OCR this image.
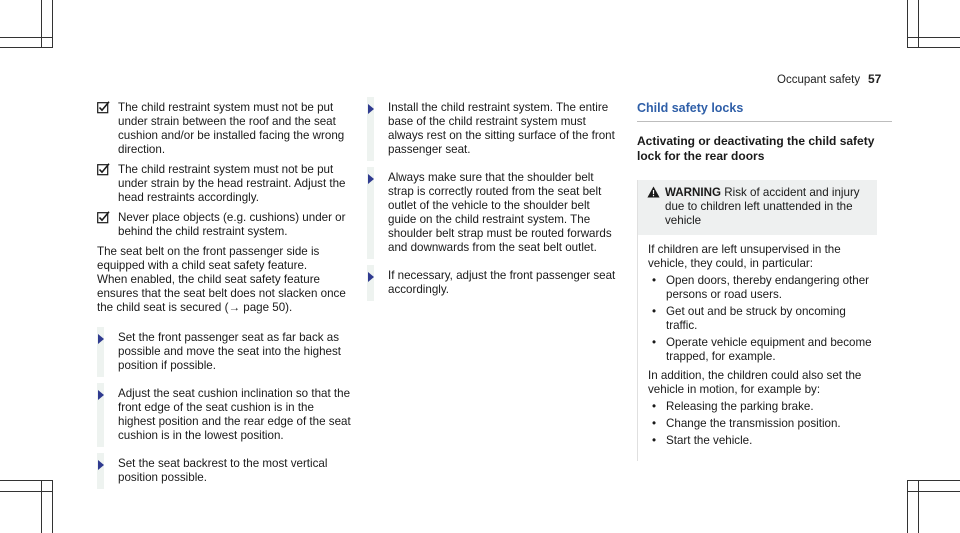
Occupant safety 57

The child restraint system must not be put under strain between the roof and the seat cushion and/or be installed facing the wrong direction.

The child restraint system must not be put under strain by the head restraint. Adjust the head restraints accordingly.

Never place objects (e.g. cushions) under or behind the child restraint system.

The seat belt on the front passenger side is equipped with a child seat safety feature.

When enabled, the child seat safety feature ensures that the seat belt does not slacken once the child seat is secured (→ page 50).

Set the front passenger seat as far back as possible and move the seat into the highest position if possible.

Adjust the seat cushion inclination so that the front edge of the seat cushion is in the highest position and the rear edge of the seat cushion is in the lowest position.

Set the seat backrest to the most vertical position possible.

Install the child restraint system. The entire base of the child restraint system must always rest on the sitting surface of the front passenger seat.

Always make sure that the shoulder belt strap is correctly routed from the seat belt outlet of the vehicle to the shoulder belt guide on the child restraint system. The shoulder belt strap must be routed forwards and downwards from the seat belt outlet.

If necessary, adjust the front passenger seat accordingly.

Child safety locks
Activating or deactivating the child safety lock for the rear doors

WARNING Risk of accident and injury due to children left unattended in the vehicle

If children are left unsupervised in the vehicle, they could, in particular:

• Open doors, thereby endangering other persons or road users.
• Get out and be struck by oncoming traffic.
• Operate vehicle equipment and become trapped, for example.

In addition, the children could also set the vehicle in motion, for example by:

• Releasing the parking brake.
• Change the transmission position.
• Start the vehicle.
